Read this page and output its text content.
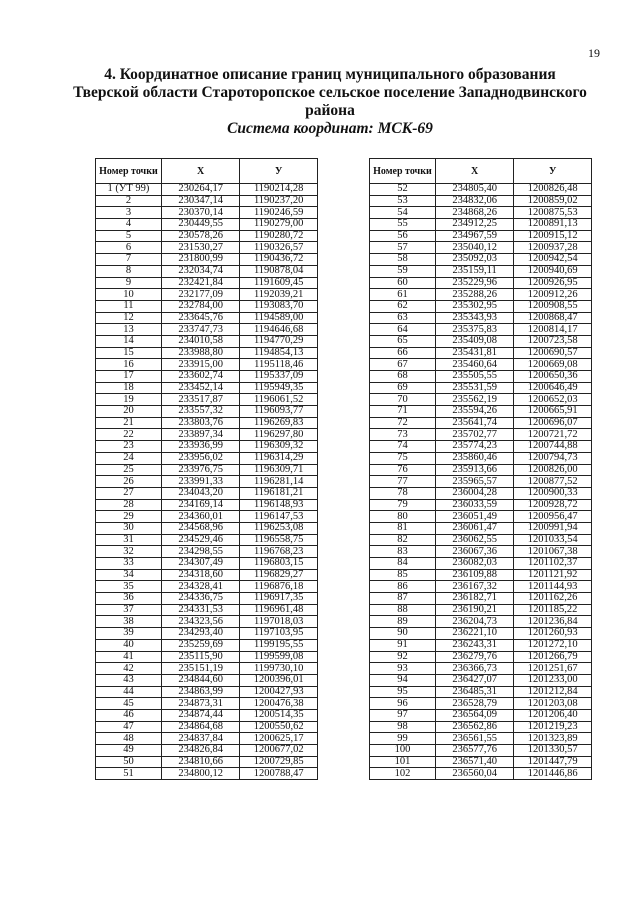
19
4. Координатное описание границ муниципального образования
Тверской области Староторопское сельское поселение Западнодвинского
района
Система координат: МСК-69
Номер точки	X	У
1 (УТ 99)	230264,17	1190214,28
2	230347,14	1190237,20
3	230370,14	1190246,59
4	230449,55	1190279,00
5	230578,26	1190280,72
6	231530,27	1190326,57
7	231800,99	1190436,72
8	232034,74	1190878,04
9	232421,84	1191609,45
10	232177,09	1192039,21
11	232784,00	1193083,70
12	233645,76	1194589,00
13	233747,73	1194646,68
14	234010,58	1194770,29
15	233988,80	1194854,13
16	233915,00	1195118,46
17	233602,74	1195337,09
18	233452,14	1195949,35
19	233517,87	1196061,52
20	233557,32	1196093,77
21	233803,76	1196269,83
22	233897,34	1196297,80
23	233936,99	1196309,32
24	233956,02	1196314,29
25	233976,75	1196309,71
26	233991,33	1196281,14
27	234043,20	1196181,21
28	234169,14	1196148,93
29	234360,01	1196147,53
30	234568,96	1196253,08
31	234529,46	1196558,75
32	234298,55	1196768,23
33	234307,49	1196803,15
34	234318,60	1196829,27
35	234328,41	1196876,18
36	234336,75	1196917,35
37	234331,53	1196961,48
38	234323,56	1197018,03
39	234293,40	1197103,95
40	235259,69	1199195,55
41	235115,90	1199599,08
42	235151,19	1199730,10
43	234844,60	1200396,01
44	234863,99	1200427,93
45	234873,31	1200476,38
46	234874,44	1200514,35
47	234864,68	1200550,62
48	234837,84	1200625,17
49	234826,84	1200677,02
50	234810,66	1200729,85
51	234800,12	1200788,47
Номер точки	X	У
52	234805,40	1200826,48
53	234832,06	1200859,02
54	234868,26	1200875,53
55	234912,25	1200891,13
56	234967,59	1200915,12
57	235040,12	1200937,28
58	235092,03	1200942,54
59	235159,11	1200940,69
60	235229,96	1200926,95
61	235288,26	1200912,26
62	235302,95	1200908,55
63	235343,93	1200868,47
64	235375,83	1200814,17
65	235409,08	1200723,58
66	235431,81	1200690,57
67	235460,64	1200669,08
68	235505,55	1200650,36
69	235531,59	1200646,49
70	235562,19	1200652,03
71	235594,26	1200665,91
72	235641,74	1200696,07
73	235702,77	1200721,72
74	235774,23	1200744,88
75	235860,46	1200794,73
76	235913,66	1200826,00
77	235965,57	1200877,52
78	236004,28	1200900,33
79	236033,59	1200928,72
80	236051,49	1200956,47
81	236061,47	1200991,94
82	236062,55	1201033,54
83	236067,36	1201067,38
84	236082,03	1201102,37
85	236109,88	1201121,92
86	236167,32	1201144,93
87	236182,71	1201162,26
88	236190,21	1201185,22
89	236204,73	1201236,84
90	236221,10	1201260,93
91	236243,31	1201272,10
92	236279,76	1201266,79
93	236366,73	1201251,67
94	236427,07	1201233,00
95	236485,31	1201212,84
96	236528,79	1201203,08
97	236564,09	1201206,40
98	236562,86	1201219,23
99	236561,55	1201323,89
100	236577,76	1201330,57
101	236571,40	1201447,79
102	236560,04	1201446,86
